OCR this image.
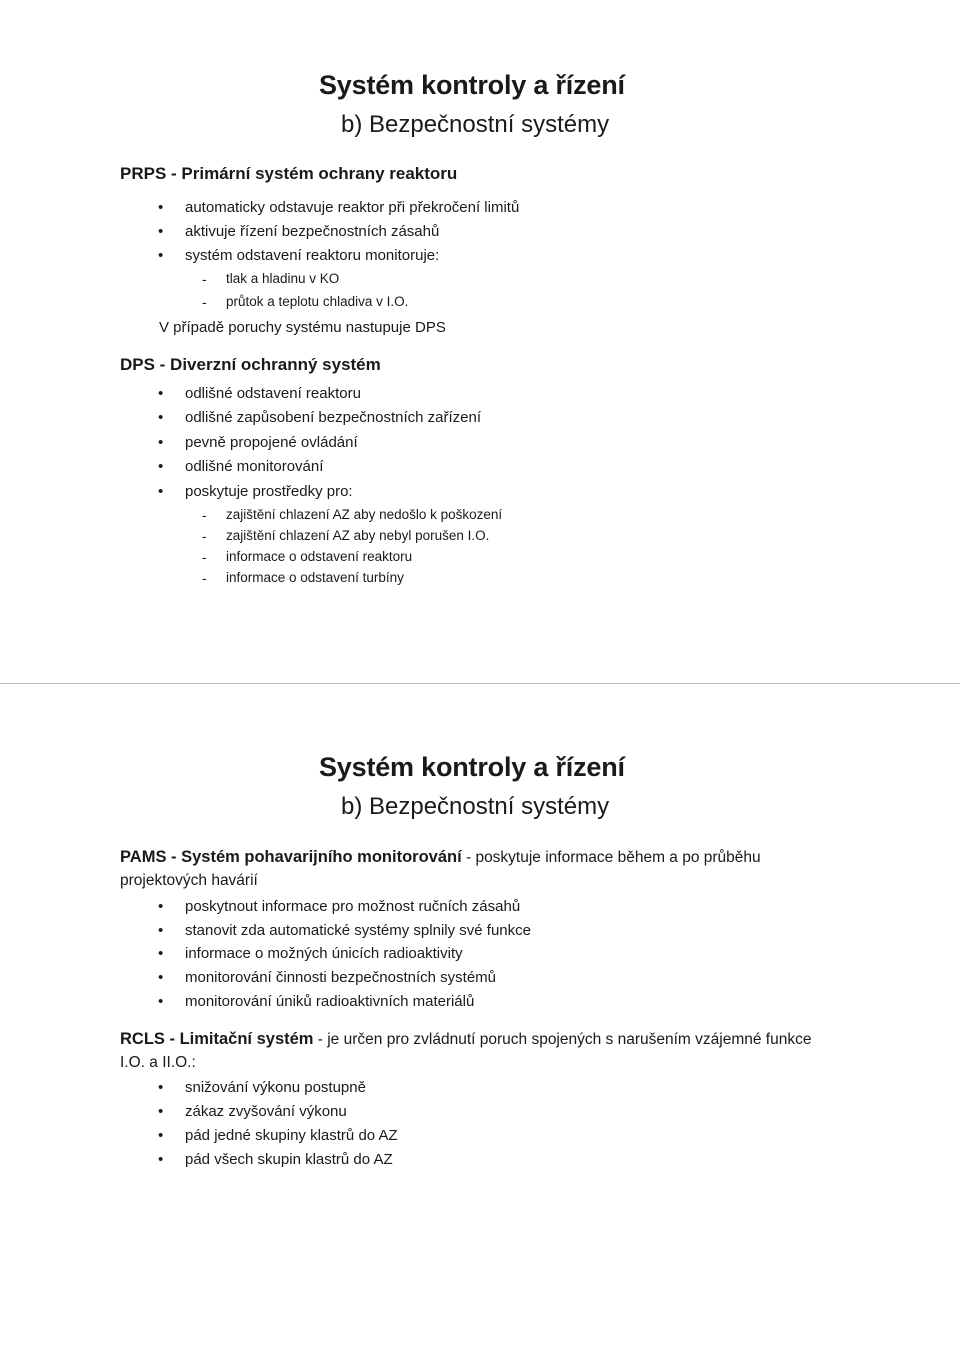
Systém kontroly a řízení
b) Bezpečnostní systémy
PRPS - Primární systém ochrany reaktoru
• automaticky odstavuje reaktor při překročení limitů
• aktivuje řízení bezpečnostních zásahů
• systém odstavení reaktoru monitoruje:
- tlak a hladinu v KO
- průtok a teplotu chladiva v I.O.
V případě poruchy systému nastupuje DPS
DPS - Diverzní ochranný systém
• odlišné odstavení reaktoru
• odlišné zapůsobení bezpečnostních zařízení
• pevně propojené ovládání
• odlišné monitorování
• poskytuje prostředky pro:
- zajištění chlazení AZ aby nedošlo k poškození
- zajištění chlazení AZ aby nebyl porušen I.O.
- informace o odstavení reaktoru
- informace o odstavení turbíny
Systém kontroly a řízení
b) Bezpečnostní systémy
PAMS - Systém pohavarijního monitorování - poskytuje informace během a po průběhu projektových havárií
• poskytnout informace pro možnost ručních zásahů
• stanovit zda automatické systémy splnily své funkce
• informace o možných únicích radioaktivity
• monitorování činnosti bezpečnostních systémů
• monitorování úniků radioaktivních materiálů
RCLS - Limitační systém - je určen pro zvládnutí poruch spojených s narušením vzájemné funkce I.O. a II.O.:
• snižování výkonu postupně
• zákaz zvyšování výkonu
• pád jedné skupiny klastrů do AZ
• pád všech skupin klastrů do AZ
